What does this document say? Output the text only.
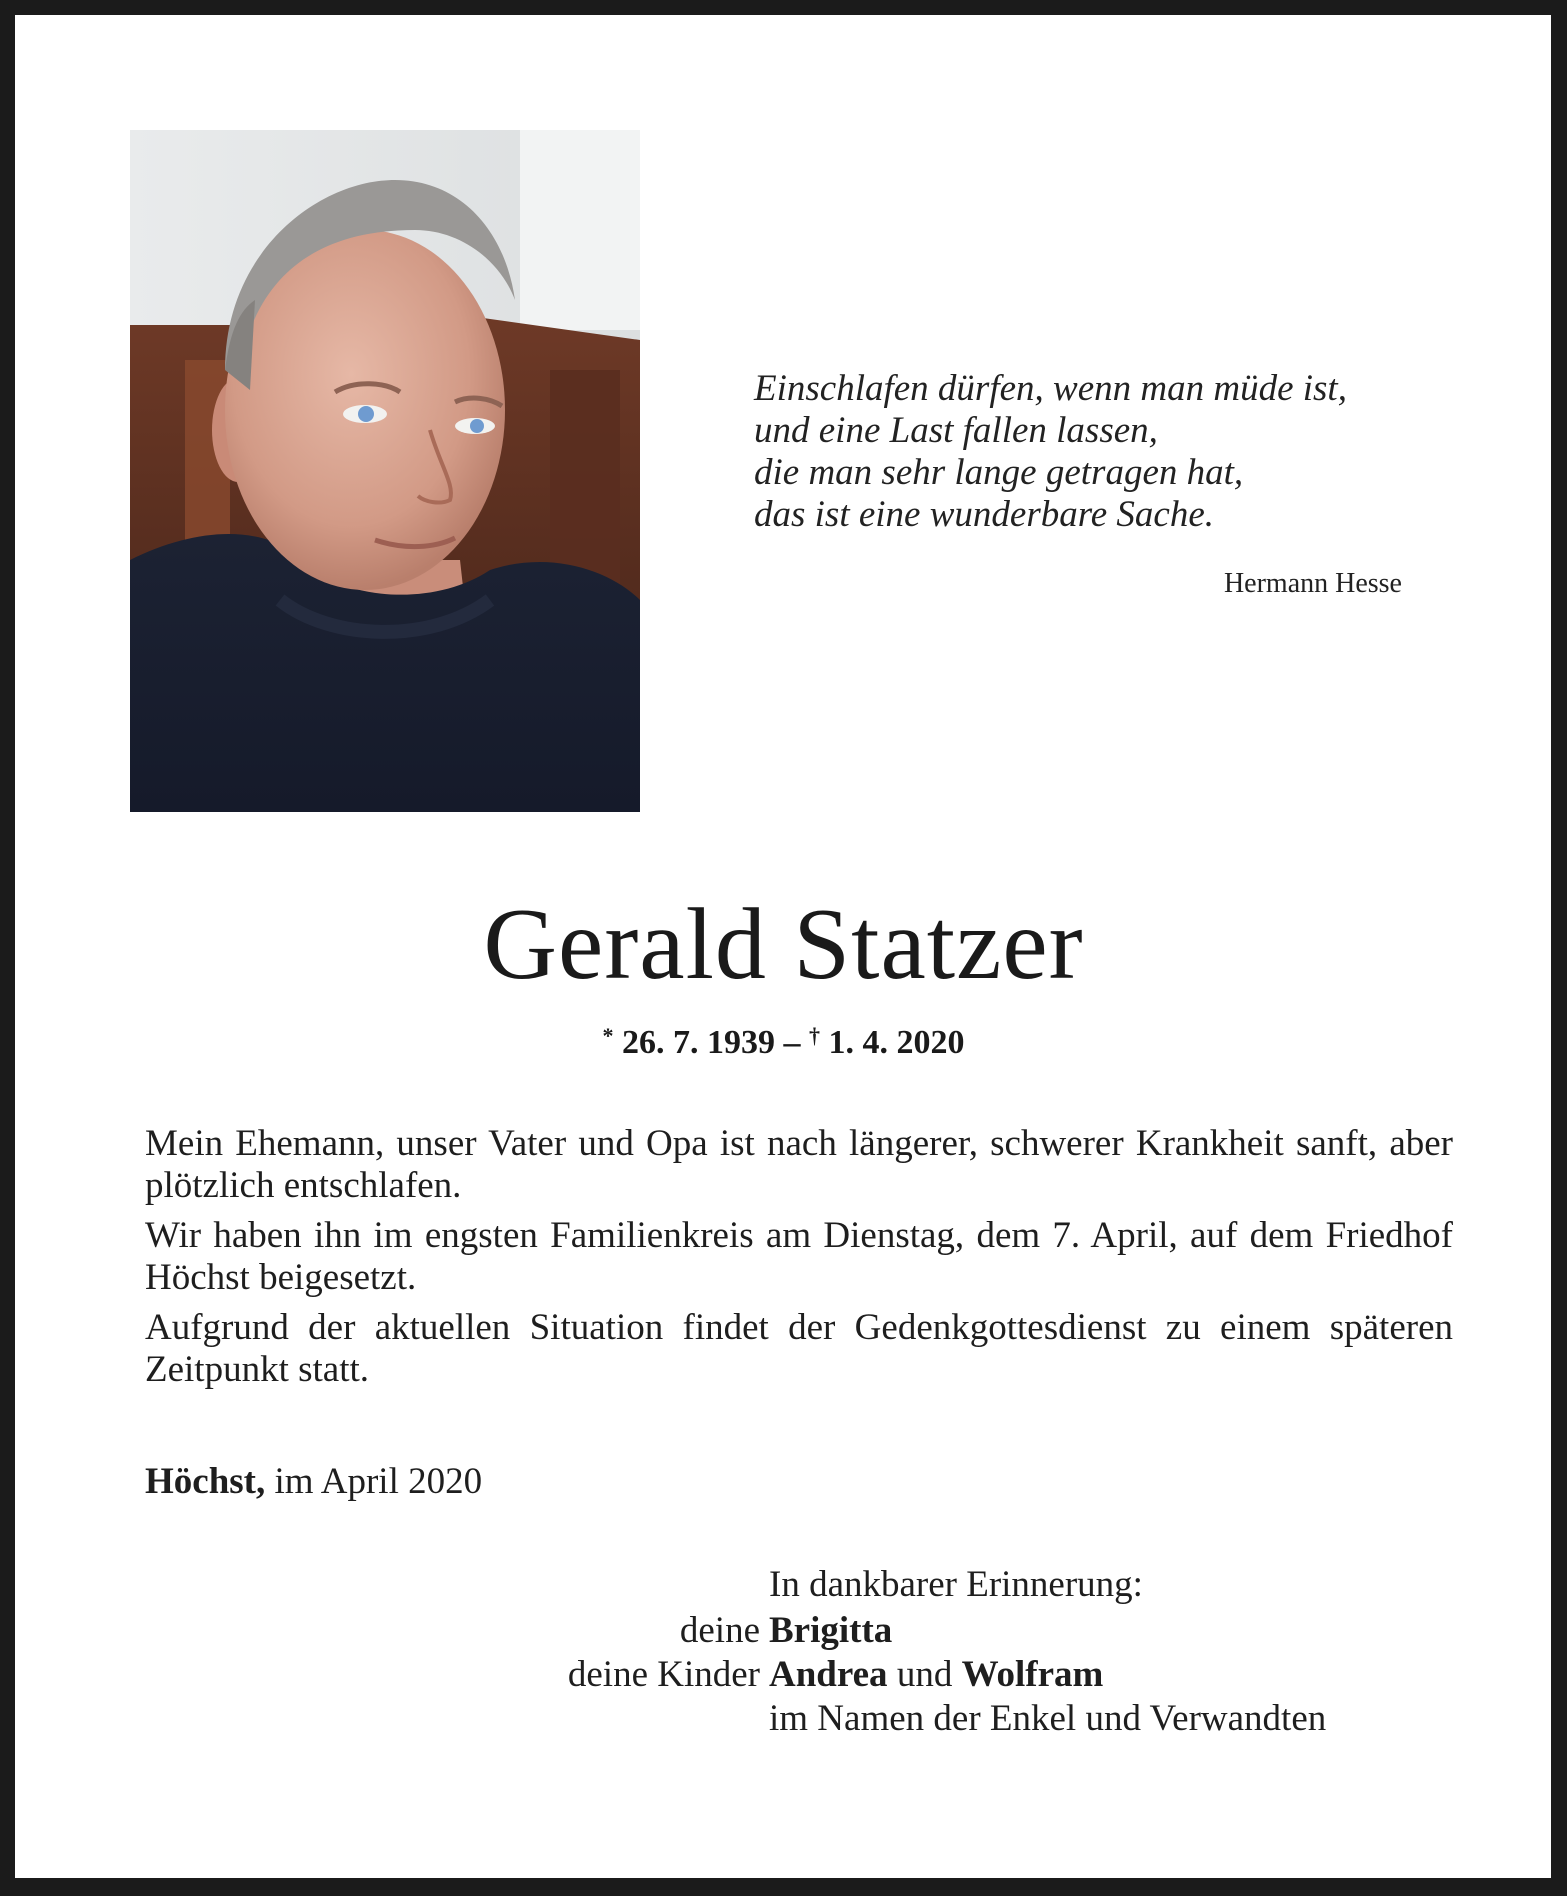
Einschlafen dürfen, wenn man müde ist,
und eine Last fallen lassen,
die man sehr lange getragen hat,
das ist eine wunderbare Sache.
Hermann Hesse
Gerald Statzer
* 26. 7. 1939 – † 1. 4. 2020

Mein Ehemann, unser Vater und Opa ist nach längerer, schwerer Krankheit sanft, aber plötzlich entschlafen.

Wir haben ihn im engsten Familienkreis am Dienstag, dem 7. April, auf dem Friedhof Höchst beigesetzt.

Aufgrund der aktuellen Situation findet der Gedenkgottesdienst zu einem späteren Zeitpunkt statt.

Höchst, im April 2020
In dankbarer Erinnerung:
deine Brigitta
deine Kinder Andrea und Wolfram
im Namen der Enkel und Verwandten
